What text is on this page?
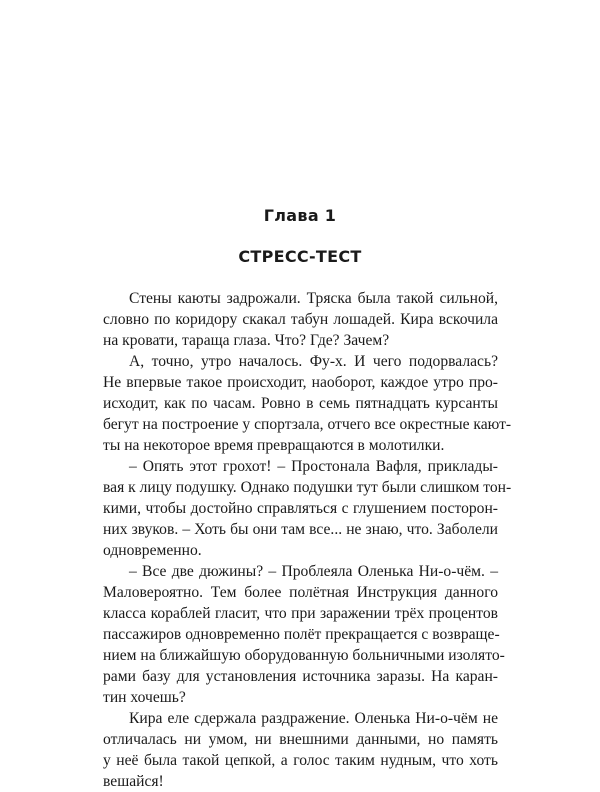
Глава 1
СТРЕСС-ТЕСТ
Стены каюты задрожали. Тряска была такой сильной,
словно по коридору скакал табун лошадей. Кира вскочила
на кровати, тараща глаза. Что? Где? Зачем?
А, точно, утро началось. Фу-х. И чего подорвалась?
Не впервые такое происходит, наоборот, каждое утро про-
исходит, как по часам. Ровно в семь пятнадцать курсанты
бегут на построение у спортзала, отчего все окрестные кают-
ты на некоторое время превращаются в молотилки.
– Опять этот грохот! – Простонала Вафля, приклады-
вая к лицу подушку. Однако подушки тут были слишком тон-
кими, чтобы достойно справляться с глушением посторон-
них звуков. – Хоть бы они там все... не знаю, что. Заболели
одновременно.
– Все две дюжины? – Проблеяла Оленька Ни-о-чём. –
Маловероятно. Тем более полётная Инструкция данного
класса кораблей гласит, что при заражении трёх процентов
пассажиров одновременно полёт прекращается с возвраще-
нием на ближайшую оборудованную больничными изолято-
рами базу для установления источника заразы. На каран-
тин хочешь?
Кира еле сдержала раздражение. Оленька Ни-о-чём не
отличалась ни умом, ни внешними данными, но память
у неё была такой цепкой, а голос таким нудным, что хоть
вешайся!
